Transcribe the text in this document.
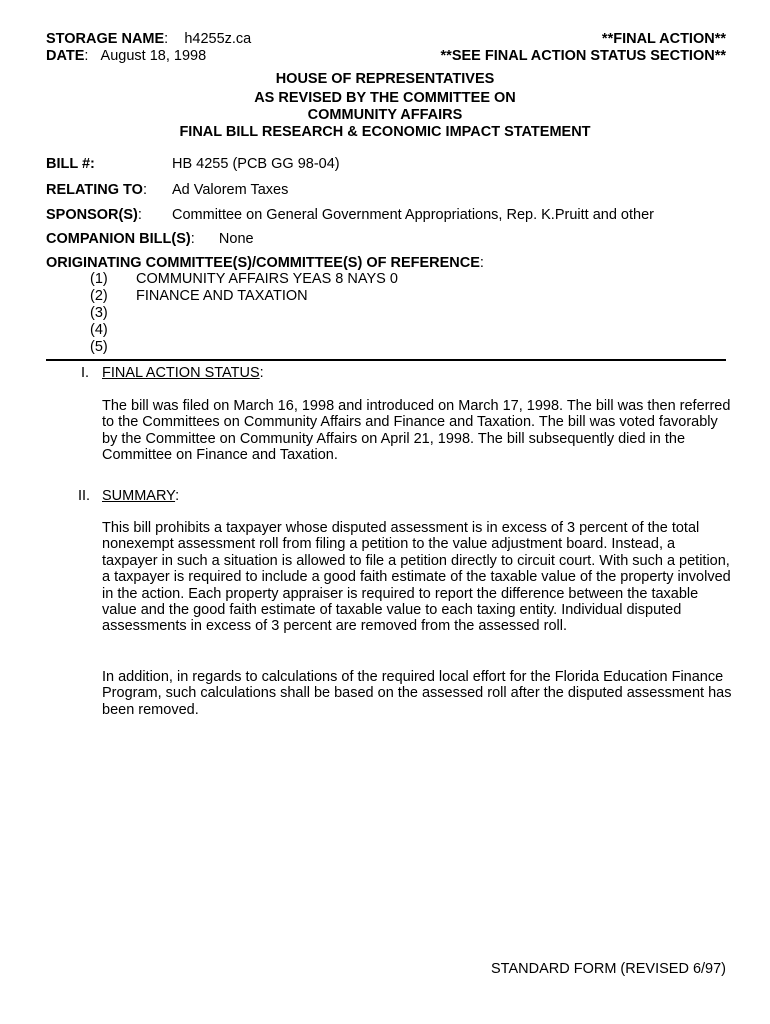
STORAGE NAME:    h4255z.ca
DATE:   August 18, 1998
**FINAL ACTION**
**SEE FINAL ACTION STATUS SECTION**
HOUSE OF REPRESENTATIVES
AS REVISED BY THE COMMITTEE ON
COMMUNITY AFFAIRS
FINAL BILL RESEARCH & ECONOMIC IMPACT STATEMENT
BILL #:	HB 4255 (PCB GG 98-04)
RELATING TO: Ad Valorem Taxes
SPONSOR(S): Committee on General Government Appropriations, Rep. K.Pruitt and other
COMPANION BILL(S):      None
ORIGINATING COMMITTEE(S)/COMMITTEE(S) OF REFERENCE:
(1) COMMUNITY AFFAIRS YEAS 8 NAYS 0
(2) FINANCE AND TAXATION
(3)
(4)
(5)
I. FINAL ACTION STATUS:
The bill was filed on March 16, 1998 and introduced on March 17, 1998. The bill was then referred to the Committees on Community Affairs and Finance and Taxation. The bill was voted favorably by the Committee on Community Affairs on April 21, 1998. The bill subsequently died in the Committee on Finance and Taxation.
II. SUMMARY:
This bill prohibits a taxpayer whose disputed assessment is in excess of 3 percent of the total nonexempt assessment roll from filing a petition to the value adjustment board. Instead, a taxpayer in such a situation is allowed to file a petition directly to circuit court. With such a petition, a taxpayer is required to include a good faith estimate of the taxable value of the property involved in the action. Each property appraiser is required to report the difference between the taxable value and the good faith estimate of taxable value to each taxing entity. Individual disputed assessments in excess of 3 percent are removed from the assessed roll.
In addition, in regards to calculations of the required local effort for the Florida Education Finance Program, such calculations shall be based on the assessed roll after the disputed assessment has been removed.
STANDARD FORM (REVISED 6/97)
